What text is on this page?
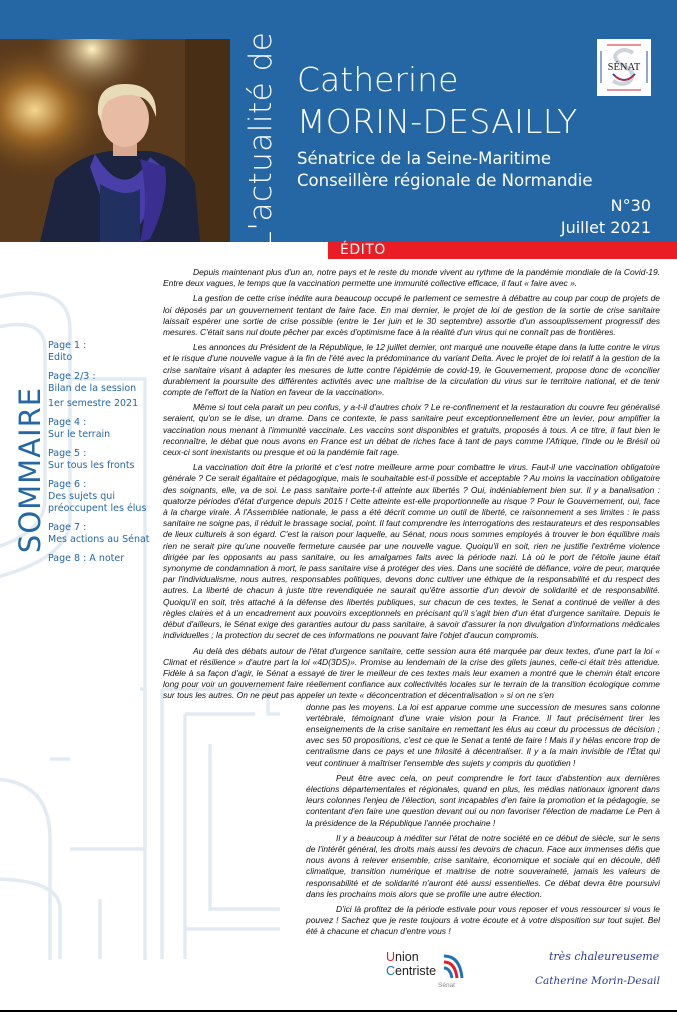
L'actualité de Catherine
MORIN-DESAILLY
Sénatrice de la Seine-Maritime
Conseillère régionale de Normandie
N°30
Juillet 2021
SÉNAT
ÉDITO
SOMMAIRE
Page 1 :
Edito
Page 2/3 :
Bilan de la session
1er semestre 2021
Page 4 :
Sur le terrain
Page 5 :
Sur tous les fronts
Page 6 :
Des sujets qui
préoccupent les élus
Page 7 :
Mes actions au Sénat
Page 8 : A noter

Depuis maintenant plus d'un an, notre pays et le reste du monde vivent au rythme de la pandémie mondiale de la Covid-19. Entre deux vagues, le temps que la vaccination permette une immunité collective efficace, il faut « faire avec ».

La gestion de cette crise inédite aura beaucoup occupé le parlement ce semestre à débattre au coup par coup de projets de loi déposés par un gouvernement tentant de faire face. En mai dernier, le projet de loi de gestion de la sortie de crise sanitaire laissait espérer une sortie de crise possible (entre le 1er juin et le 30 septembre) assortie d'un assouplissement progressif des mesures. C'était sans nul doute pêcher par excès d'optimisme face à la réalité d'un virus qui ne connaît pas de frontières.

Les annonces du Président de la République, le 12 juillet dernier, ont marqué une nouvelle étape dans la lutte contre le virus et le risque d'une nouvelle vague à la fin de l'été avec la prédominance du variant Delta. Avec le projet de loi relatif à la gestion de la crise sanitaire visant à adapter les mesures de lutte contre l'épidémie de covid-19, le Gouvernement, propose donc de «concilier durablement la poursuite des différentes activités avec une maîtrise de la circulation du virus sur le territoire national, et de tenir compte de l'effort de la Nation en faveur de la vaccination».

Même si tout cela parait un peu confus, y a-t-il d'autres choix ? Le re-confinement et la restauration du couvre feu généralisé seraient, qu'on se le dise, un drame. Dans ce contexte, le pass sanitaire peut exceptionnellement être un levier, pour amplifier la vaccination nous menant à l'immunité vaccinale. Les vaccins sont disponibles et gratuits, proposés à tous. A ce titre, il faut bien le reconnaître, le débat que nous avons en France est un débat de riches face à tant de pays comme l'Afrique, l'Inde ou le Brésil où ceux-ci sont inexistants ou presque et où la pandémie fait rage.

La vaccination doit être la priorité et c'est notre meilleure arme pour combattre le virus. Faut-il une vaccination obligatoire générale ? Ce serait égalitaire et pédagogique, mais le souhaitable est-il possible et acceptable ? Au moins la vaccination obligatoire des soignants, elle, va de soi. Le pass sanitaire porte-t-il atteinte aux libertés ? Oui, indéniablement bien sur. Il y a banalisation : quatorze périodes d'état d'urgence depuis 2015 ! Cette atteinte est-elle proportionnelle au risque ? Pour le Gouvernement, oui, face à la charge virale. À l'Assemblée nationale, le pass a été décrit comme un outil de liberté, ce raisonnement a ses limites : le pass sanitaire ne soigne pas, il réduit le brassage social, point. Il faut comprendre les interrogations des restaurateurs et des responsables de lieux culturels à son égard. C'est la raison pour laquelle, au Sénat, nous nous sommes employés à trouver le bon équilibre mais rien ne serait pire qu'une nouvelle fermeture causée par une nouvelle vague. Quoiqu'il en soit, rien ne justifie l'extrême violence dirigée par les opposants au pass sanitaire, ou les amalgames faits avec la période nazi. Là où le port de l'étoile jaune était synonyme de condamnation à mort, le pass sanitaire vise à protéger des vies. Dans une société de défiance, voire de peur, marquée par l'individualisme, nous autres, responsables politiques, devons donc cultiver une éthique de la responsabilité et du respect des autres. La liberté de chacun à juste titre revendiquée ne saurait qu'être assortie d'un devoir de solidarité et de responsabilité. Quoiqu'il en soit, très attaché à la défense des libertés publiques, sur chacun de ces textes, le Senat a continué de veiller à des règles claires et à un encadrement aux pouvoirs exceptionnels en précisant qu'il s'agit bien d'un état d'urgence sanitaire. Depuis le début d'ailleurs, le Sénat exige des garanties autour du pass sanitaire, à savoir d'assurer la non divulgation d'informations médicales individuelles ; la protection du secret de ces informations ne pouvant faire l'objet d'aucun compromis.

Au delà des débats autour de l'état d'urgence sanitaire, cette session aura été marquée par deux textes, d'une part la loi « Climat et résilience » d'autre part la loi «4D(3DS)». Promise au lendemain de la crise des gilets jaunes, celle-ci était très attendue. Fidèle à sa façon d'agir, le Sénat a essayé de tirer le meilleur de ces textes mais leur examen a montré que le chemin était encore long pour voir un gouvernement faire réellement confiance aux collectivités locales sur le terrain de la transition écologique comme sur tous les autres. On ne peut pas appeler un texte « déconcentration et décentralisation » si on ne s'en

donne pas les moyens. La loi est apparue comme une succession de mesures sans colonne vertébrale, témoignant d'une vraie vision pour la France. Il faut précisément tirer les enseignements de la crise sanitaire en remettant les élus au cœur du processus de décision ; avec ses 50 propositions, c'est ce que le Senat a tenté de faire ! Mais il y hélas encore trop de centralisme dans ce pays et une frilosité à décentraliser. Il y a la main invisible de l'État qui veut continuer à maîtriser l'ensemble des sujets y compris du quotidien !

Peut être avec cela, on peut comprendre le fort taux d'abstention aux dernières élections départementales et régionales, quand en plus, les médias nationaux ignorent dans leurs colonnes l'enjeu de l'élection, sont incapables d'en faire la promotion et la pédagogie, se contentant d'en faire une question devant oui ou non favoriser l'élection de madame Le Pen à la présidence de la République l'année prochaine !

Il y a beaucoup à méditer sur l'état de notre société en ce début de siècle, sur le sens de l'intérêt général, les droits mais aussi les devoirs de chacun. Face aux immenses défis que nous avons à relever ensemble, crise sanitaire, économique et sociale qui en découle, défi climatique, transition numérique et maitrise de notre souveraineté, jamais les valeurs de responsabilité et de solidarité n'auront été aussi essentielles. Ce débat devra être poursuivi dans les prochains mois alors que se profile une autre élection.

D'ici là profitez de la période estivale pour vous reposer et vous ressourcer si vous le pouvez ! Sachez que je reste toujours à votre écoute et à votre disposition sur tout sujet. Bel été à chacune et chacun d'entre vous !

Union
Centriste
Sénat
très chaleureusement
Catherine Morin-Desailly
